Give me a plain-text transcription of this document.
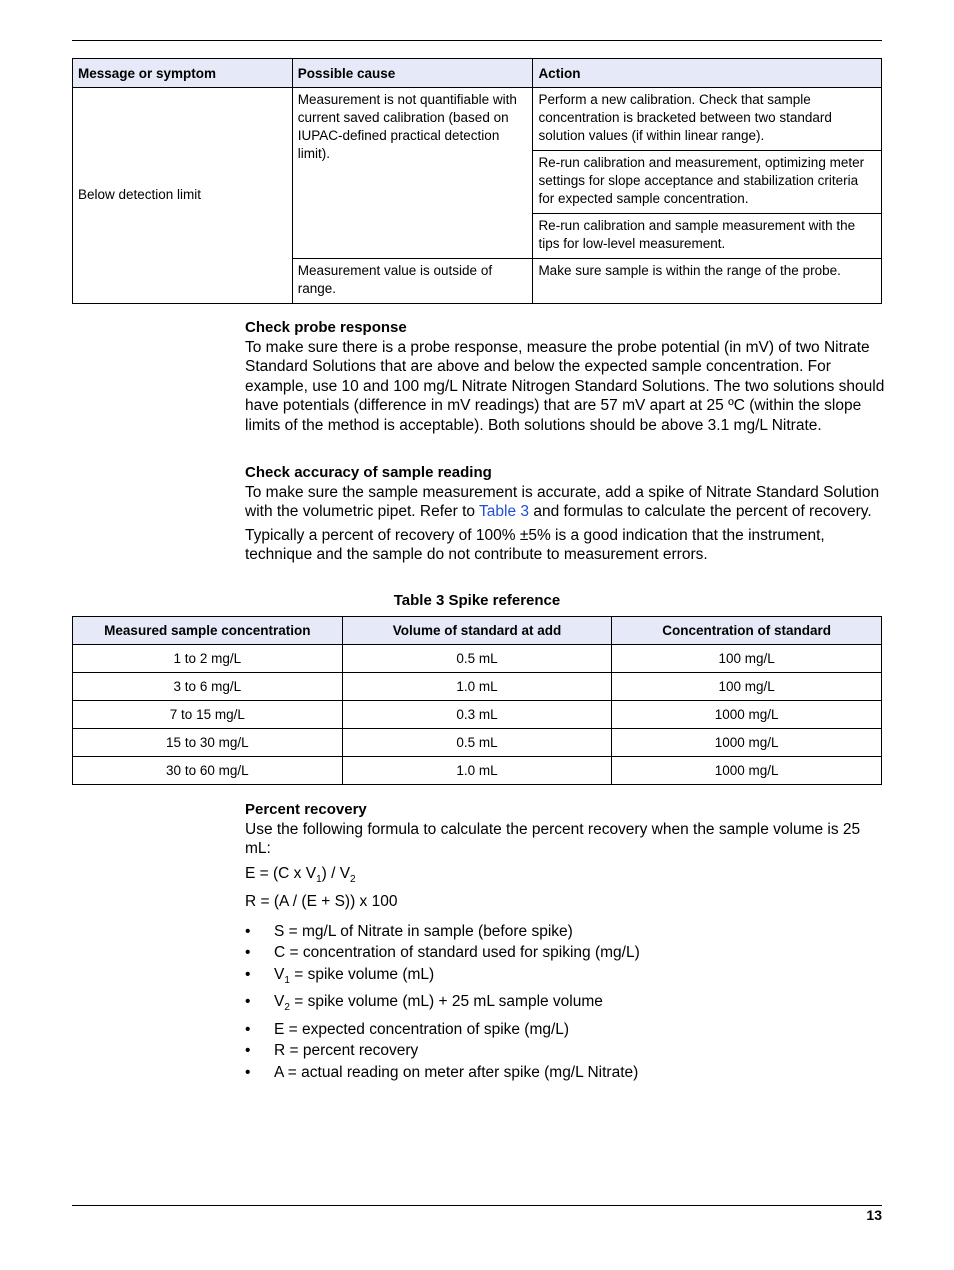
Message or symptom	Possible cause	Action
Below detection limit	Measurement is not quantifiable with current saved calibration (based on IUPAC-defined practical detection limit).	Perform a new calibration. Check that sample concentration is bracketed between two standard solution values (if within linear range).
		Re-run calibration and measurement, optimizing meter settings for slope acceptance and stabilization criteria for expected sample concentration.
		Re-run calibration and sample measurement with the tips for low-level measurement.
	Measurement value is outside of range.	Make sure sample is within the range of the probe.

Check probe response

To make sure there is a probe response, measure the probe potential (in mV) of two Nitrate Standard Solutions that are above and below the expected sample concentration. For example, use 10 and 100 mg/L Nitrate Nitrogen Standard Solutions. The two solutions should have potentials (difference in mV readings) that are 57 mV apart at 25 ºC (within the slope limits of the method is acceptable). Both solutions should be above 3.1 mg/L Nitrate.

Check accuracy of sample reading

To make sure the sample measurement is accurate, add a spike of Nitrate Standard Solution with the volumetric pipet. Refer to Table 3 and formulas to calculate the percent of recovery.

Typically a percent of recovery of 100% ±5% is a good indication that the instrument, technique and the sample do not contribute to measurement errors.

Table 3 Spike reference
Measured sample concentration	Volume of standard at add	Concentration of standard
1 to 2 mg/L	0.5 mL	100 mg/L
3 to 6 mg/L	1.0 mL	100 mg/L
7 to 15 mg/L	0.3 mL	1000 mg/L
15 to 30 mg/L	0.5 mL	1000 mg/L
30 to 60 mg/L	1.0 mL	1000 mg/L

Percent recovery

Use the following formula to calculate the percent recovery when the sample volume is 25 mL:

E = (C x $V_1) / V_2$

R = (A / (E + S)) x 100

• S = mg/L of Nitrate in sample (before spike)
• C = concentration of standard used for spiking (mg/L)
• $V_1$ = spike volume (mL)
• $V_2$ = spike volume (mL) + 25 mL sample volume
• E = expected concentration of spike (mg/L)
• R = percent recovery
• A = actual reading on meter after spike (mg/L Nitrate)
13
